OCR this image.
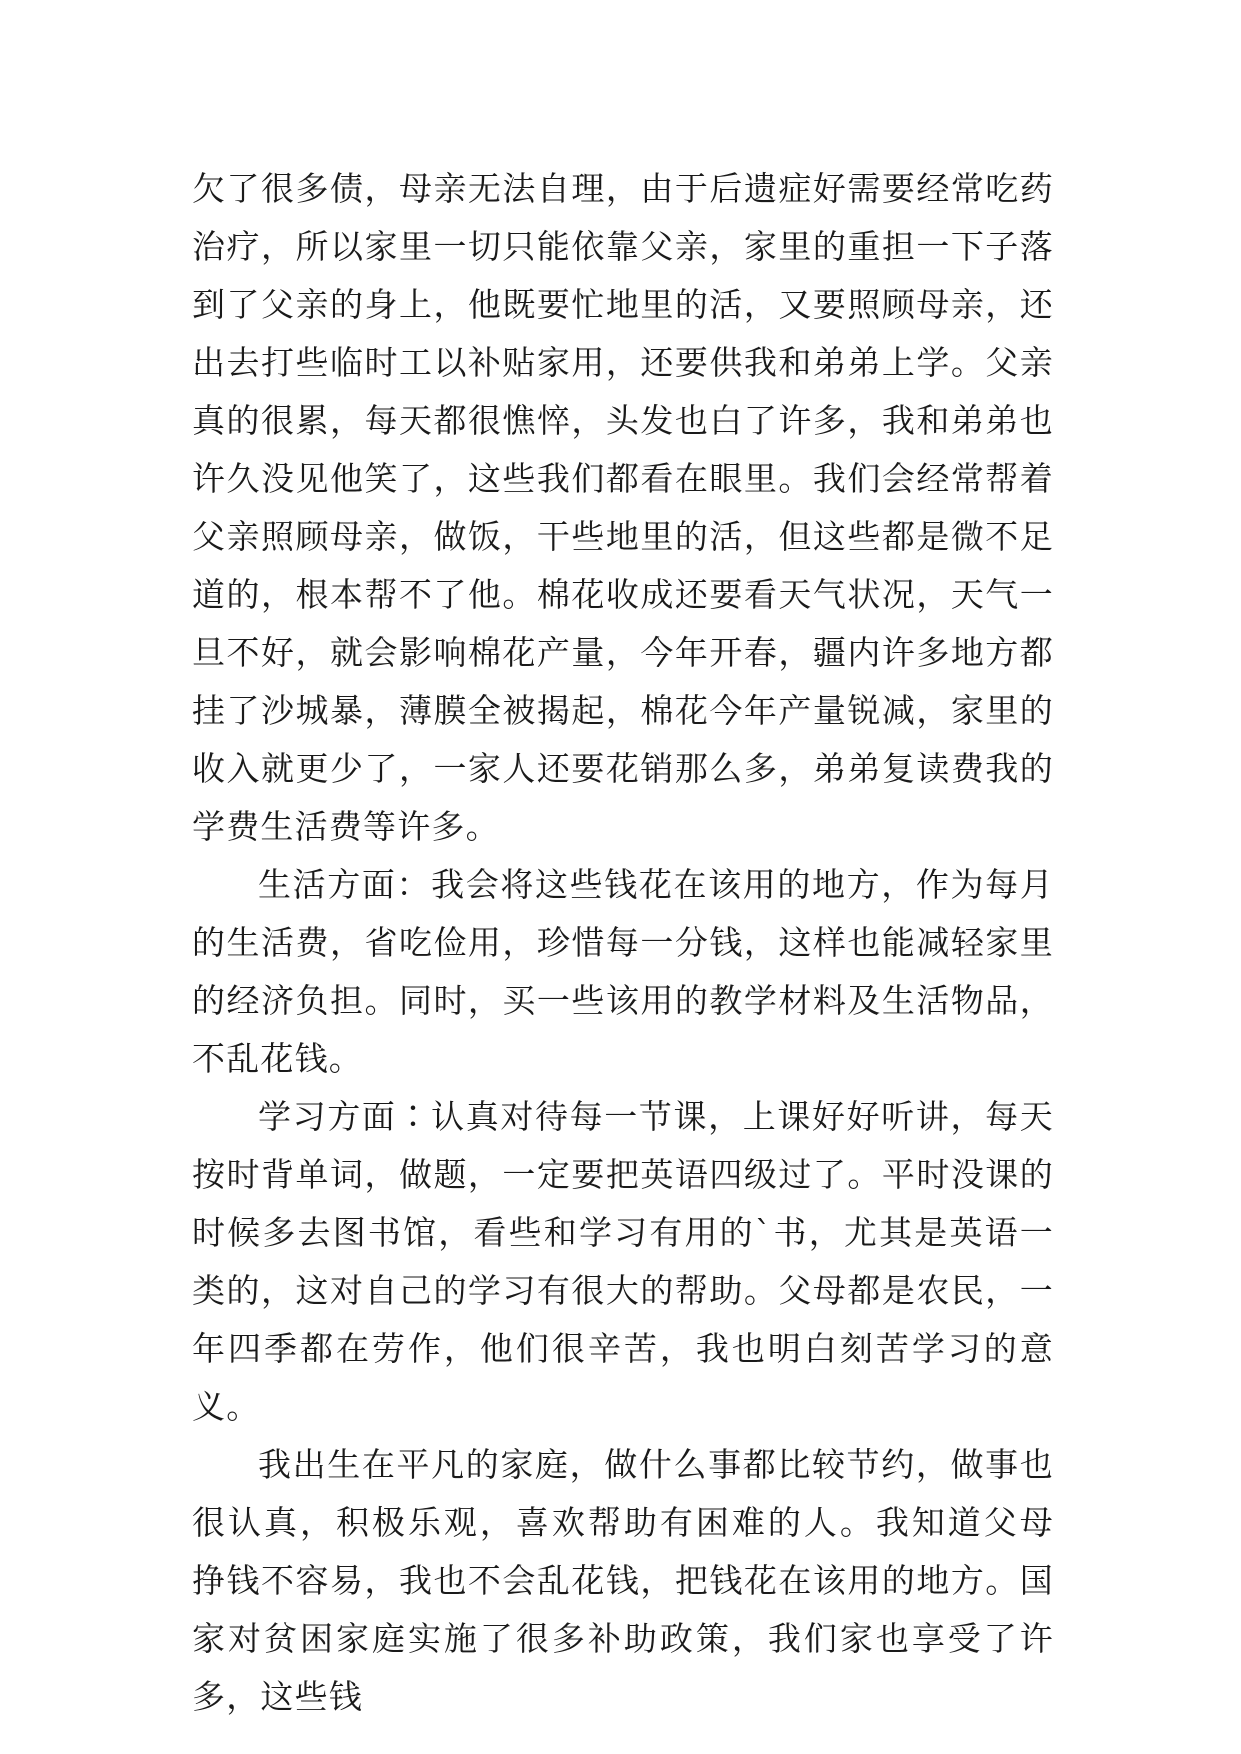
欠了很多债，母亲无法自理，由于后遗症好需要经常吃药治疗，所以家里一切只能依靠父亲，家里的重担一下子落到了父亲的身上，他既要忙地里的活，又要照顾母亲，还出去打些临时工以补贴家用，还要供我和弟弟上学。父亲真的很累，每天都很憔悴，头发也白了许多，我和弟弟也许久没见他笑了，这些我们都看在眼里。我们会经常帮着父亲照顾母亲，做饭，干些地里的活，但这些都是微不足道的，根本帮不了他。棉花收成还要看天气状况，天气一旦不好，就会影响棉花产量，今年开春，疆内许多地方都挂了沙城暴，薄膜全被揭起，棉花今年产量锐减，家里的收入就更少了，一家人还要花销那么多，弟弟复读费我的学费生活费等许多。

生活方面：我会将这些钱花在该用的地方，作为每月的生活费，省吃俭用，珍惜每一分钱，这样也能减轻家里的经济负担。同时，买一些该用的教学材料及生活物品，不乱花钱。

学习方面∶认真对待每一节课，上课好好听讲，每天按时背单词，做题，一定要把英语四级过了。平时没课的时候多去图书馆，看些和学习有用的`书，尤其是英语一类的，这对自己的学习有很大的帮助。父母都是农民，一年四季都在劳作，他们很辛苦，我也明白刻苦学习的意义。

我出生在平凡的家庭，做什么事都比较节约，做事也很认真，积极乐观，喜欢帮助有困难的人。我知道父母 挣钱不容易，我也不会乱花钱，把钱花在该用的地方。国家对贫困家庭实施了很多补助政策，我们家也享受了许多，这些钱
